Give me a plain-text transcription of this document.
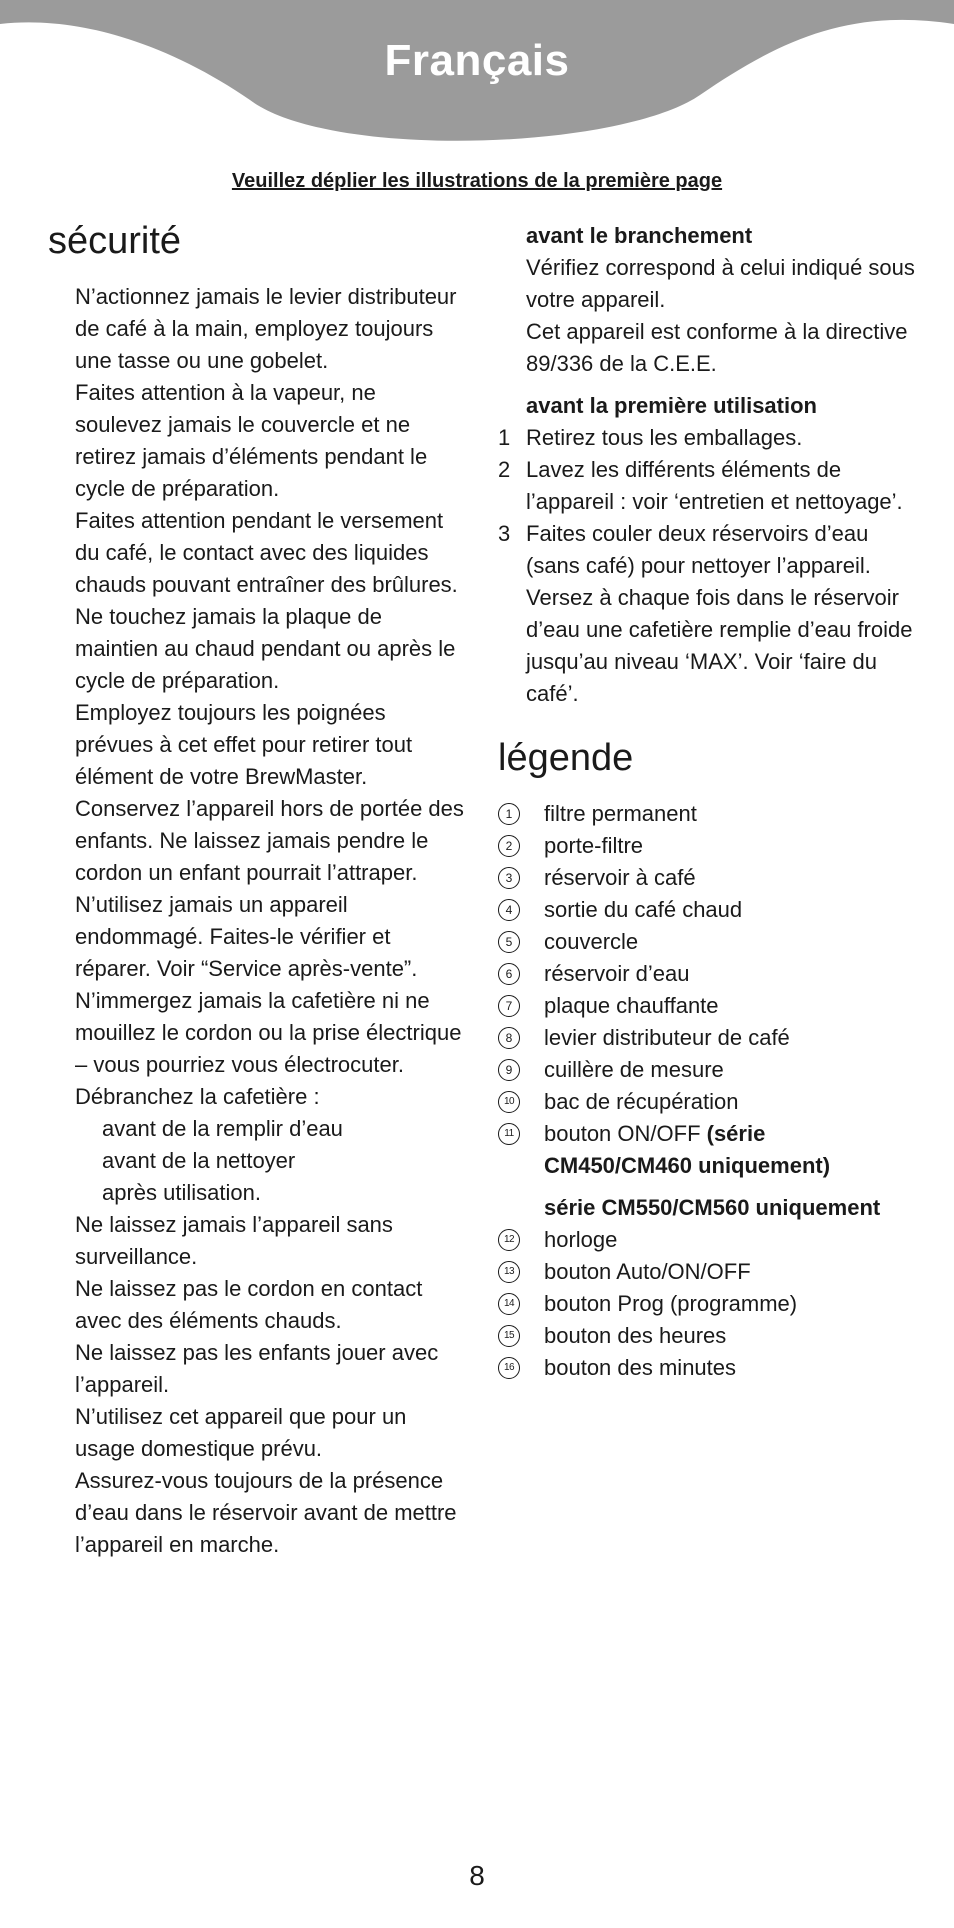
Français
Veuillez déplier les illustrations de la première page
sécurité
N’actionnez jamais le levier distributeur de café à la main, employez toujours une tasse ou une gobelet.
Faites attention à la vapeur, ne soulevez jamais le couvercle et ne retirez jamais d’éléments pendant le cycle de préparation.
Faites attention pendant le versement du café, le contact avec des liquides chauds pouvant entraîner des brûlures.
Ne touchez jamais la plaque de maintien au chaud pendant ou après le cycle de préparation.
Employez toujours les poignées prévues à cet effet pour retirer tout élément de votre BrewMaster.
Conservez l’appareil hors de portée des enfants. Ne laissez jamais pendre le cordon un enfant pourrait l’attraper.
N’utilisez jamais un appareil endommagé. Faites-le vérifier et réparer. Voir “Service après-vente”.
N’immergez jamais la cafetière ni ne mouillez le cordon ou la prise électrique – vous pourriez vous électrocuter.
Débranchez la cafetière :
avant de la remplir d’eau
avant de la nettoyer
après utilisation.
Ne laissez jamais l’appareil sans surveillance.
Ne laissez pas le cordon en contact avec des éléments chauds.
Ne laissez pas les enfants jouer avec l’appareil.
N’utilisez cet appareil que pour un usage domestique prévu.
Assurez-vous toujours de la présence d’eau dans le réservoir avant de mettre l’appareil en marche.

avant le branchement

Vérifiez correspond à celui indiqué sous votre appareil.

Cet appareil est conforme à la directive 89/336 de la C.E.E.

avant la première utilisation

1 Retirez tous les emballages.
2 Lavez les différents éléments de l’appareil : voir ‘entretien et nettoyage’.
3 Faites couler deux réservoirs d’eau (sans café) pour nettoyer l’appareil. Versez à chaque fois dans le réservoir d’eau une cafetière remplie d’eau froide jusqu’au niveau ‘MAX’. Voir ‘faire du café’.
légende
1	filtre permanent
2	porte-filtre
3	réservoir à café
4	sortie du café chaud
5	couvercle
6	réservoir d’eau
7	plaque chauffante
8	levier distributeur de café
9	cuillère de mesure
10 bac de récupération
11 bouton ON/OFF (série CM450/CM460 uniquement)

série CM550/CM560 uniquement

12 horloge
13 bouton Auto/ON/OFF
14 bouton Prog (programme)
15 bouton des heures
16 bouton des minutes
8
